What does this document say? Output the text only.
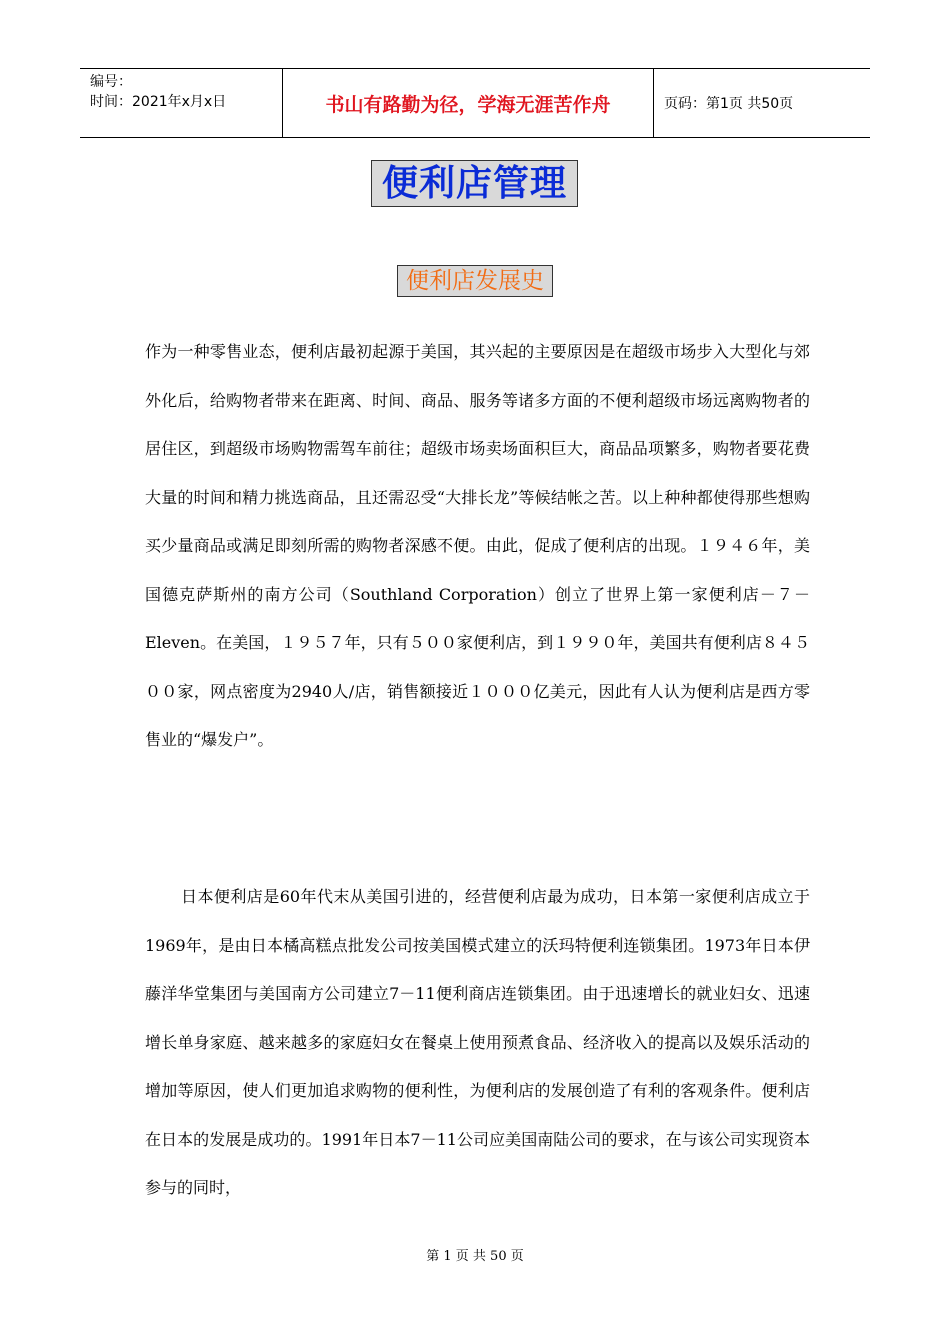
编号：
时间：2021年x月x日	书山有路勤为径，学海无涯苦作舟	页码：第1页 共50页
便利店管理
便利店发展史

作为一种零售业态，便利店最初起源于美国，其兴起的主要原因是在超级市场步入大型化与郊外化后，给购物者带来在距离、时间、商品、服务等诸多方面的不便利超级市场远离购物者的居住区，到超级市场购物需驾车前往；超级市场卖场面积巨大，商品品项繁多，购物者要花费大量的时间和精力挑选商品，且还需忍受“大排长龙”等候结帐之苦。以上种种都使得那些想购买少量商品或满足即刻所需的购物者深感不便。由此，促成了便利店的出现。１９４６年，美国德克萨斯州的南方公司（Southland Corporation）创立了世界上第一家便利店－７－Eleven。在美国，１９５７年，只有５００家便利店，到１９９０年，美国共有便利店８４５００家，网点密度为2940人/店，销售额接近１０００亿美元，因此有人认为便利店是西方零售业的“爆发户”。

日本便利店是60年代末从美国引进的，经营便利店最为成功，日本第一家便利店成立于1969年，是由日本橘高糕点批发公司按美国模式建立的沃玛特便利连锁集团。1973年日本伊藤洋华堂集团与美国南方公司建立7－11便利商店连锁集团。由于迅速增长的就业妇女、迅速增长单身家庭、越来越多的家庭妇女在餐桌上使用预煮食品、经济收入的提高以及娱乐活动的增加等原因，使人们更加追求购物的便利性，为便利店的发展创造了有利的客观条件。便利店在日本的发展是成功的。1991年日本7－11公司应美国南陆公司的要求，在与该公司实现资本参与的同时，

第 1 页 共 50 页
